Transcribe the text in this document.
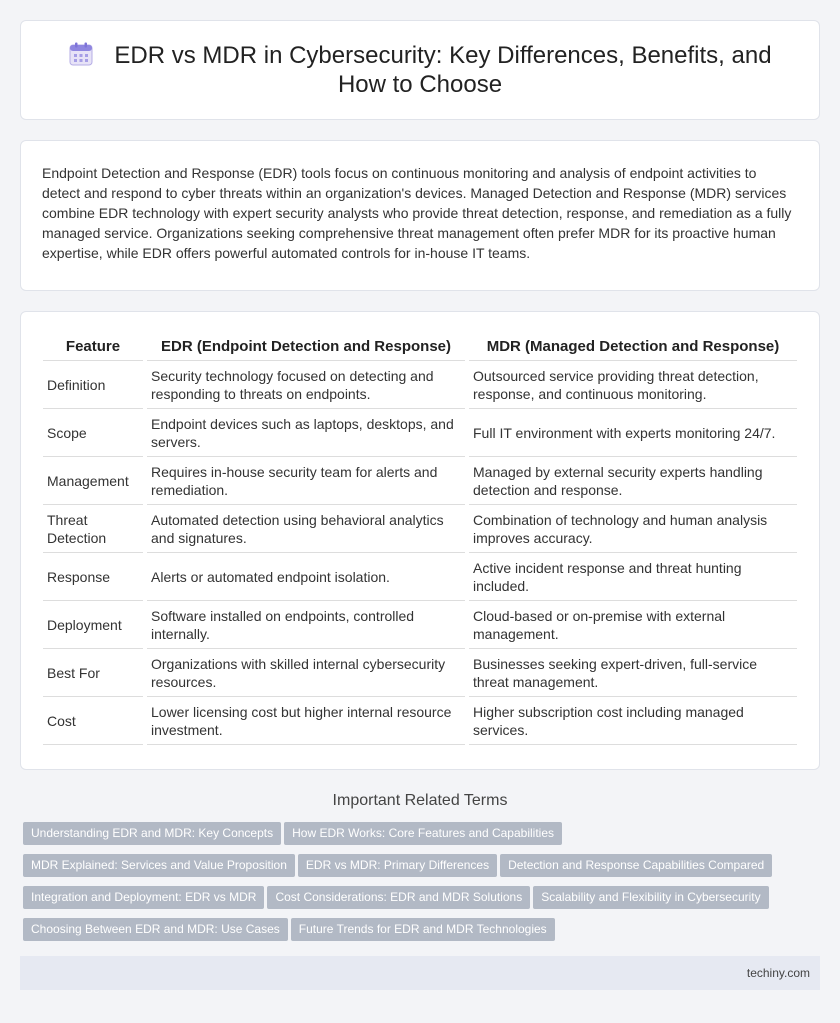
EDR vs MDR in Cybersecurity: Key Differences, Benefits, and How to Choose

Endpoint Detection and Response (EDR) tools focus on continuous monitoring and analysis of endpoint activities to detect and respond to cyber threats within an organization's devices. Managed Detection and Response (MDR) services combine EDR technology with expert security analysts who provide threat detection, response, and remediation as a fully managed service. Organizations seeking comprehensive threat management often prefer MDR for its proactive human expertise, while EDR offers powerful automated controls for in-house IT teams.

Feature	EDR (Endpoint Detection and Response)	MDR (Managed Detection and Response)
Definition	Security technology focused on detecting and responding to threats on endpoints.	Outsourced service providing threat detection, response, and continuous monitoring.
Scope	Endpoint devices such as laptops, desktops, and servers.	Full IT environment with experts monitoring 24/7.
Management	Requires in-house security team for alerts and remediation.	Managed by external security experts handling detection and response.
Threat Detection	Automated detection using behavioral analytics and signatures.	Combination of technology and human analysis improves accuracy.
Response	Alerts or automated endpoint isolation.	Active incident response and threat hunting included.
Deployment	Software installed on endpoints, controlled internally.	Cloud-based or on-premise with external management.
Best For	Organizations with skilled internal cybersecurity resources.	Businesses seeking expert-driven, full-service threat management.
Cost	Lower licensing cost but higher internal resource investment.	Higher subscription cost including managed services.
Important Related Terms
Understanding EDR and MDR: Key Concepts How EDR Works: Core Features and Capabilities
MDR Explained: Services and Value Proposition EDR vs MDR: Primary Differences Detection and Response Capabilities Compared
Integration and Deployment: EDR vs MDR Cost Considerations: EDR and MDR Solutions Scalability and Flexibility in Cybersecurity
Choosing Between EDR and MDR: Use Cases Future Trends for EDR and MDR Technologies
techiny.com
